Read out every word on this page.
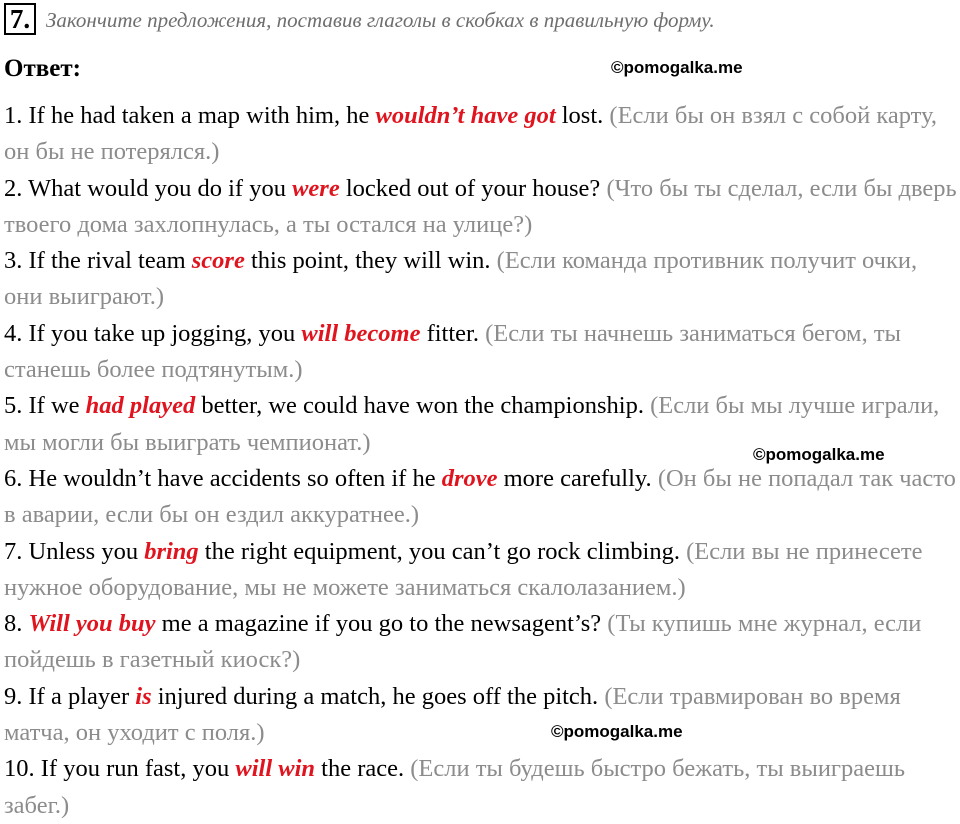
7. Закончите предложения, поставив глаголы в скобках в правильную форму.
Ответ:	©pomogalka.me
©pomogalka.me
©pomogalka.me

1. If he had taken a map with him, he wouldn’t have got lost. (Если бы он взял с собой карту, он бы не потерялся.)

2. What would you do if you were locked out of your house? (Что бы ты сделал, если бы дверь твоего дома захлопнулась, а ты остался на улице?)

3. If the rival team score this point, they will win. (Если команда противник получит очки, они выиграют.)

4. If you take up jogging, you will become fitter. (Если ты начнешь заниматься бегом, ты станешь более подтянутым.)

5. If we had played better, we could have won the championship. (Если бы мы лучше играли, мы могли бы выиграть чемпионат.)

6. He wouldn’t have accidents so often if he drove more carefully. (Он бы не попадал так часто в аварии, если бы он ездил аккуратнее.)

7. Unless you bring the right equipment, you can’t go rock climbing. (Если вы не принесете нужное оборудование, мы не можете заниматься скалолазанием.)

8. Will you buy me a magazine if you go to the newsagent’s? (Ты купишь мне журнал, если пойдешь в газетный киоск?)

9. If a player is injured during a match, he goes off the pitch. (Если травмирован во время матча, он уходит с поля.)

10. If you run fast, you will win the race. (Если ты будешь быстро бежать, ты выиграешь забег.)
